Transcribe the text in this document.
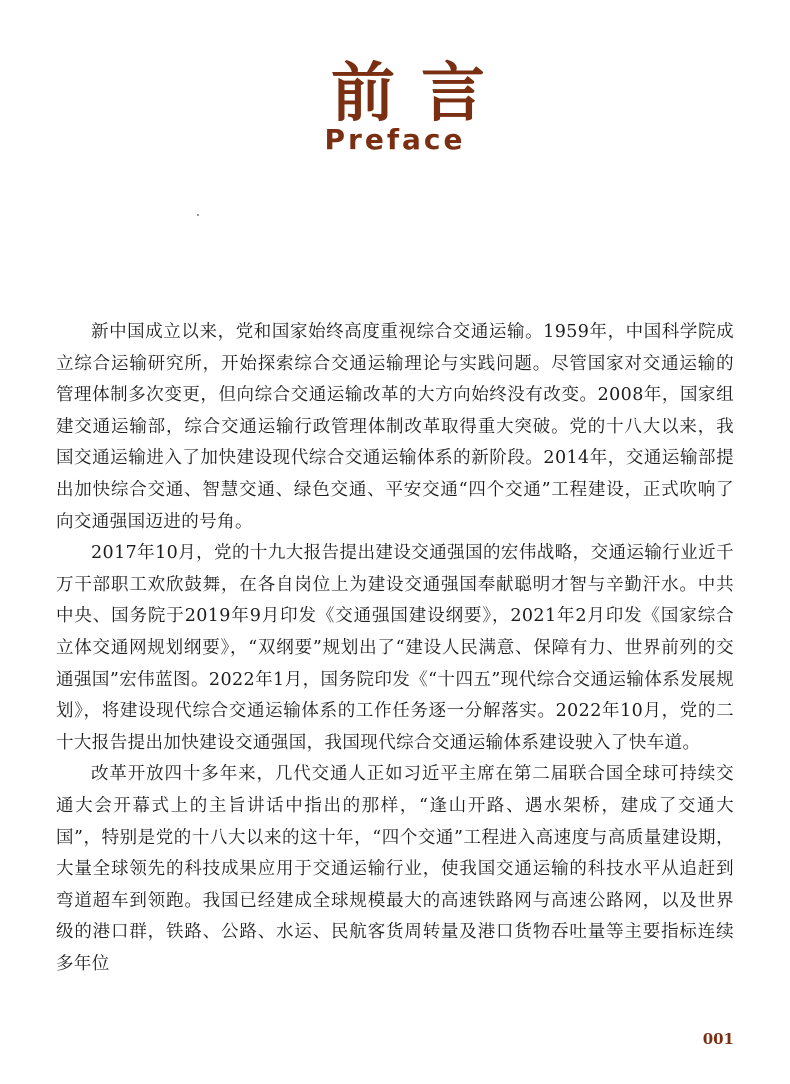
前言
Preface

新中国成立以来，党和国家始终高度重视综合交通运输。1959年，中国科学院成立综合运输研究所，开始探索综合交通运输理论与实践问题。尽管国家对交通运输的管理体制多次变更，但向综合交通运输改革的大方向始终没有改变。2008年，国家组建交通运输部，综合交通运输行政管理体制改革取得重大突破。党的十八大以来，我国交通运输进入了加快建设现代综合交通运输体系的新阶段。2014年，交通运输部提出加快综合交通、智慧交通、绿色交通、平安交通“四个交通”工程建设，正式吹响了向交通强国迈进的号角。

2017年10月，党的十九大报告提出建设交通强国的宏伟战略，交通运输行业近千万干部职工欢欣鼓舞，在各自岗位上为建设交通强国奉献聪明才智与辛勤汗水。中共中央、国务院于2019年9月印发《交通强国建设纲要》，2021年2月印发《国家综合立体交通网规划纲要》，“双纲要”规划出了“建设人民满意、保障有力、世界前列的交通强国”宏伟蓝图。2022年1月，国务院印发《“十四五”现代综合交通运输体系发展规划》，将建设现代综合交通运输体系的工作任务逐一分解落实。2022年10月，党的二十大报告提出加快建设交通强国，我国现代综合交通运输体系建设驶入了快车道。

改革开放四十多年来，几代交通人正如习近平主席在第二届联合国全球可持续交通大会开幕式上的主旨讲话中指出的那样，“逢山开路、遇水架桥，建成了交通大国”，特别是党的十八大以来的这十年，“四个交通”工程进入高速度与高质量建设期，大量全球领先的科技成果应用于交通运输行业，使我国交通运输的科技水平从追赶到弯道超车到领跑。我国已经建成全球规模最大的高速铁路网与高速公路网，以及世界级的港口群，铁路、公路、水运、民航客货周转量及港口货物吞吐量等主要指标连续多年位

001
